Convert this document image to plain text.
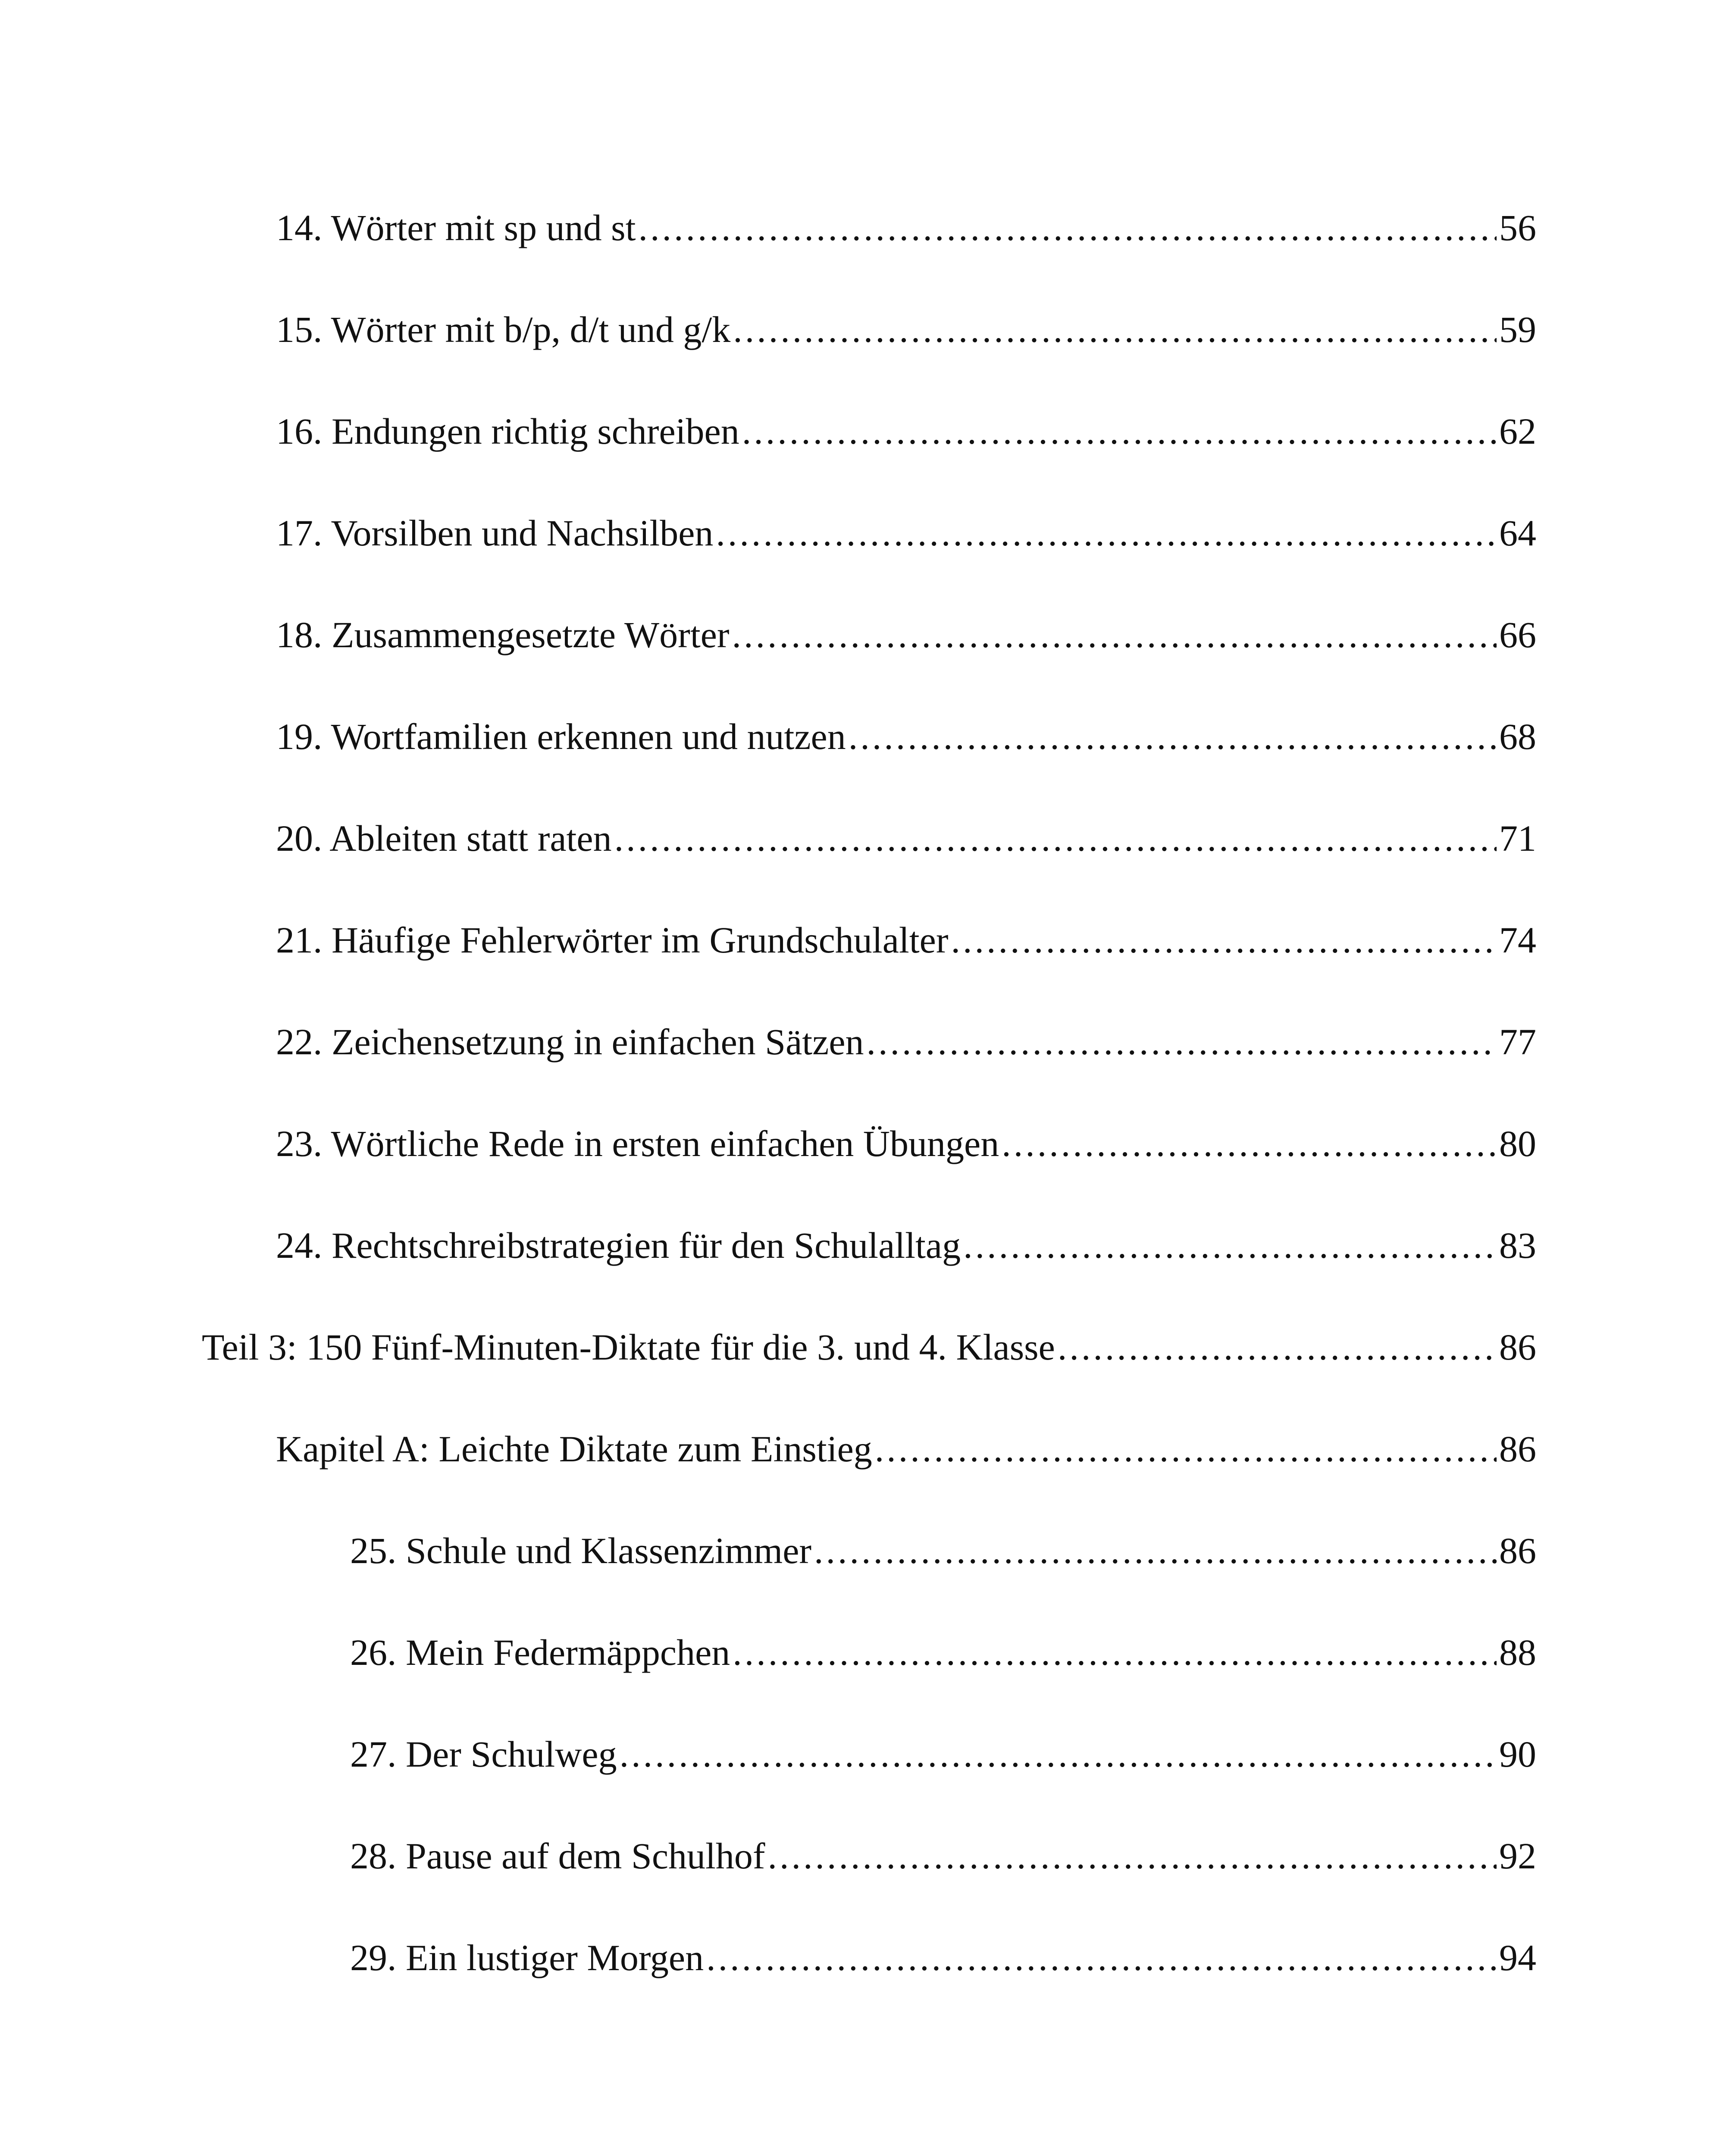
14. Wörter mit sp und st .....	56
15. Wörter mit b/p, d/t und g/k .....	59
16. Endungen richtig schreiben .....	62
17. Vorsilben und Nachsilben .....	64
18. Zusammengesetzte Wörter .....	66
19. Wortfamilien erkennen und nutzen .....	68
20. Ableiten statt raten .....	71
21. Häufige Fehlerwörter im Grundschulalter .....	74
22. Zeichensetzung in einfachen Sätzen .....	77
23. Wörtliche Rede in ersten einfachen Übungen .....	80
24. Rechtschreibstrategien für den Schulalltag .....	83
Teil 3: 150 Fünf-Minuten-Diktate für die 3. und 4. Klasse .....	86
Kapitel A: Leichte Diktate zum Einstieg .....	86
25. Schule und Klassenzimmer .....	86
26. Mein Federmäppchen .....	88
27. Der Schulweg .....	90
28. Pause auf dem Schulhof .....	92
29. Ein lustiger Morgen .....	94
